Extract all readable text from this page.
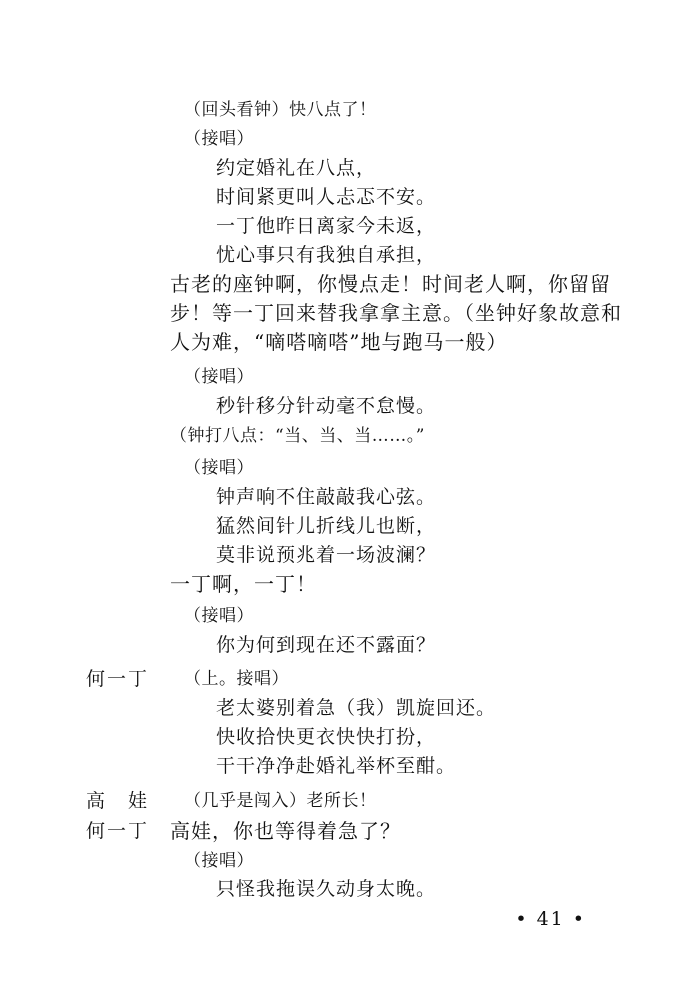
（回头看钟）快八点了！
（接唱）
约定婚礼在八点，
时间紧更叫人忐忑不安。
一丁他昨日离家今未返，
忧心事只有我独自承担，
古老的座钟啊，你慢点走！时间老人啊，你留留
步！等一丁回来替我拿拿主意。（坐钟好象故意和
人为难，“嘀嗒嘀嗒”地与跑马一般）
（接唱）
秒针移分针动毫不怠慢。
（钟打八点：“当、当、当……。”
（接唱）
钟声响不住敲敲我心弦。
猛然间针儿折线儿也断，
莫非说预兆着一场波澜？
一丁啊，一丁！
（接唱）
你为何到现在还不露面？
何一丁 （上。接唱）
老太婆别着急（我）凯旋回还。
快收拾快更衣快快打扮，
干干净净赴婚礼举杯至酣。
高　娃 （几乎是闯入）老所长！
何一丁 高娃，你也等得着急了？
（接唱）
只怪我拖误久动身太晚。
• 41 •
